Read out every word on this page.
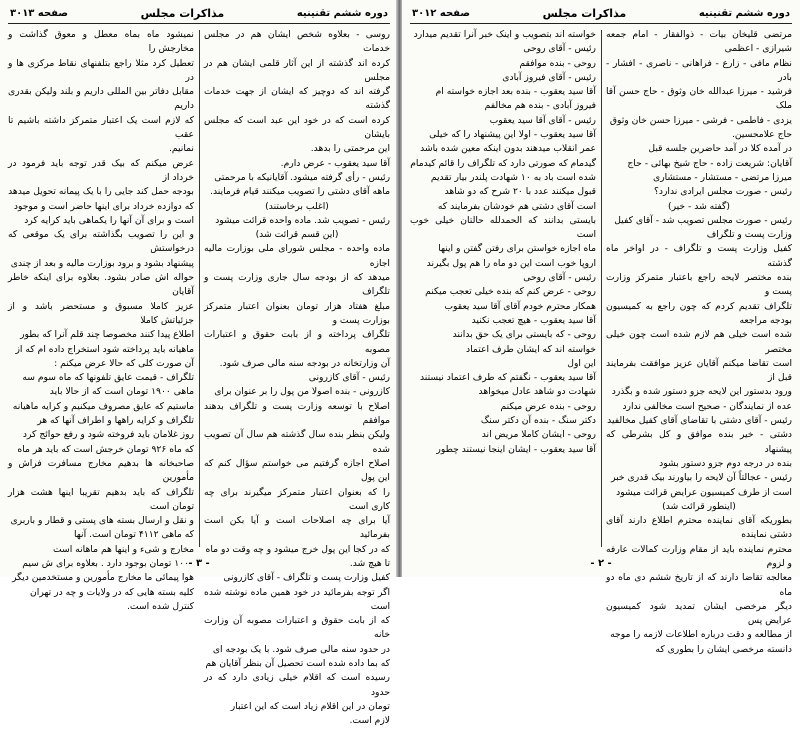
صفحه ۳۰۱۳	مذاکرات مجلس	دوره ششم تقنینیه

روسی - بعلاوه شخص ایشان هم در مجلس خدمات

کرده اند گذشته از این آثار قلمی ایشان هم در مجلس

گرفته اند که دوچیز که ایشان از جهت خدمات گذشته

کرده است که در خود این عبد است که مجلس بایشان

این مرحمتی را بدهد.

آقا سید یعقوب - عرض دارم.

رئیس - رأی گرفته میشود. آقایانیکه با مرحمتی

ماهه آقای دشتی را تصویب میکنند قیام فرمایند.

(اغلب برخاستند)

رئیس - تصویب شد. ماده واحده قرائت میشود

(این قسم قرائت شد)

ماده واحده - مجلس شورای ملی بوزارت مالیه اجازه

میدهد که از بودجه سال جاری وزارت پست و تلگراف

مبلغ هفتاد هزار تومان بعنوان اعتبار متمرکز بوزارت پست و

تلگراف پرداخته و از بابت حقوق و اعتبارات مصوبه

آن وزارتخانه در بودجه سنه مالی صرف شود.

رئیس - آقای کازرونی

کازرونی - بنده اصولا من پول را بر عنوان برای

اصلاح با توسعه وزارت پست و تلگراف بدهند موافقم

ولیکن بنظر بنده سال گذشته هم سال آن تصویب شده

اصلاح اجازه گرفتیم می خواستم سؤال کنم که این پول

را که بعنوان اعتبار متمرکز میگیرند برای چه کاری است

آیا برای چه اصلاحات است و آیا بکن است بفرمائید

که در کجا این پول خرج میشود و چه وقت دو ماه

تا هیچ شد.

کفیل وزارت پست و تلگراف - آقای کازرونی

اگر توجه بفرمائید در خود همین ماده نوشته شده است

که از بابت حقوق و اعتبارات مصوبه آن وزارت خانه

در حدود سنه مالی صرف شود. با یک بودجه ای

که بما داده شده است تحصیل آن بنظر آقایان هم

رسیده است که اقلام خیلی زیادی دارد که در حدود

تومان در این اقلام زیاد است که این اعتبار

لازم است.

نمیشود ماه بماه معطل و معوق گذاشت و مخارجش را

تعطیل کرد مثلا راجع بتلفنهای نقاط مرکزی ها و در

مقابل دفاتر بین المللی داریم و بلند ولیکن بقدری داریم

که لازم است یک اعتبار متمرکز داشته باشیم تا عقب

نمانیم.

عرض میکنم که بیک قدر توجه باید فرمود در خرداد از

بودجه حمل کند جایی را با یک پیمانه تحویل میدهد

که دوازده خرداد برای اینها حاضر است و موجود

است و برای آن آنها را یکماهی باید کرایه کرد

و این را تصویب بگذاشته برای یک موقعی که درخواستش

پیشنهاد بشود و برود بوزارت مالیه و بعد از چندی

حواله اش صادر بشود. بعلاوه برای اینکه خاطر آقایان

عزیز کاملا مسبوق و مستحضر باشد و از جزئیاتش کاملا

اطلاع پیدا کنند مخصوصا چند قلم آنرا که بطور

ماهیانه باید پرداخته شود استخراج داده ام که از

آن صورت کلی که حالا عرض میکنم :

تلگراف - قیمت عایق تلفونها که ماه سوم سه

ماهی ۱۹۰۰ تومان است که از حالا باید

ماستیم که عایق مصروف میکنیم و کرایه ماهیانه

تلگراف و کرایه راهها و اطراف آنها که هر

روز غلامان باید فروخته شود و رفع حوائج کرد

که ماه ۹۲۶ تومان خرجش است که باید هر ماه

صاحبخانه ها بدهیم مخارج مسافرت فراش و مأمورین

تلگراف که باید بدهیم تقریبا اینها هشت هزار تومان است

و نقل و ارسال بسته های پستی و قطار و باربری

که ماهی ۴۱۱۲ تومان است. آنها

مخارج و شیء و اینها هم ماهانه است

۱۰۰۰ تومان بوجود دارد . بعلاوه برای ش سیم

هوا پیمائی ما مخارج مأمورین و مستخدمین دیگر

کلیه بسته هایی که در ولایات و چه در تهران

کنترل شده است.

- ۳ -
صفحه ۳۰۱۲	مذاکرات مجلس	دوره ششم تقنینیه

مرتضی قلیخان بیات - ذوالفقار - امام جمعه شیرازی - اعظمی

نظام مافی - زارع - فراهانی - ناصری - افشار - بادر

فرشید - میرزا عبدالله خان وثوق - حاج حسن آقا ملک

یزدی - فاطمی - فرشی - میرزا حسن خان وثوق

حاج علامحسین.

در آمده کلا در آمد حاضرین جلسه قبل

آقایان: شریعت زاده - حاج شیخ بهائی - حاج

میرزا مرتضی - مستشار - مستشاری

رئیس - صورت مجلس ایرادی ندارد؟

(گفته شد - خیر)

رئیس - صورت مجلس تصویب شد - آقای کفیل

وزارت پست و تلگراف

کفیل وزارت پست و تلگراف - در اواخر ماه گذشته

بنده مختصر لایحه راجع باعتبار متمرکز وزارت پست و

تلگراف تقدیم کردم که چون راجع به کمیسیون بودجه مراجعه

شده است خیلی هم لازم شده است چون خیلی مختصر

است تقاضا میکنم آقایان عزیز موافقت بفرمایند قبل از

ورود بدستور این لایحه جزو دستور شده و بگذرد

عده از نمایندگان - صحیح است مخالفی ندارد

رئیس - آقای دشتی با تقاضای آقای کفیل مخالفید

دشتی - خیر بنده موافق و کل بشرطی که پیشنهاد

بنده در درجه دوم جزو دستور بشود

رئیس - عجالتاً آن لایحه را بیاورند بیک قدری خبر

است از طرف کمیسیون عرایض قرائت میشود

(اینطور قرائت شد)

بطوریکه آقای نماینده محترم اطلاع دارند آقای دشتی نماینده

محترم نماینده باید از مقام وزارت کمالات عارفه و لزوم

معالجه تقاضا دارند که از تاریخ ششم دی ماه دو ماه

دیگر مرخصی ایشان تمدید شود کمیسیون عرایض پس

از مطالعه و دقت درباره اطلاعات لازمه را موجه

دانسته مرخصی ایشان را بطوری که

خواسته اند بتصویب و اینک خبر آنرا تقدیم میدارد

رئیس - آقای روحی

روحی - بنده موافقم

رئیس - آقای فیروز آبادی

آقا سید یعقوب - بنده بعد اجازه خواسته ام

فیروز آبادی - بنده هم مخالفم

رئیس - آقای آقا سید یعقوب

آقا سید یعقوب - اولا این پیشنهاد را که خیلی

عمر انقلاب میدهند بدون اینکه معین شده باشد

گیدمام که صورتی دارد که تلگراف را قائم کیدمام

شده است باد به ۱۰ شهادت پلندر بیار تقدیم

قبول میکنند عدد با ۲۰ شرح که دو شاهد

است آقای دشتی هم خودشان بفرمایند که

بایستی بدانند که الحمدلله حالتان خیلی خوب است

ماه اجازه خواستن برای رفتن گفتن و اینها

اروپا خوب است این دو ماه را هم پول بگیرند

رئیس - آقای روحی

روحی - عرض کنم که بنده خیلی تعجب میکنم

همکار محترم خودم آقای آقا سید یعقوب

آقا سید یعقوب - هیچ تعجب نکنید

روحی - که بایستی برای یک حق بدانند

خواسته اند که ایشان طرف اعتماد

این اول

آقا سید یعقوب - نگفتم که طرف اعتماد نیستند

شهادت دو شاهد عادل میخواهد

روحی - بنده عرض میکنم

دکتر سنگ - بنده آن دکتر سنگ

روحی - ایشان کاملا مریض اند

آقا سید یعقوب - ایشان اینجا نیستند چطور

- ۲ -
